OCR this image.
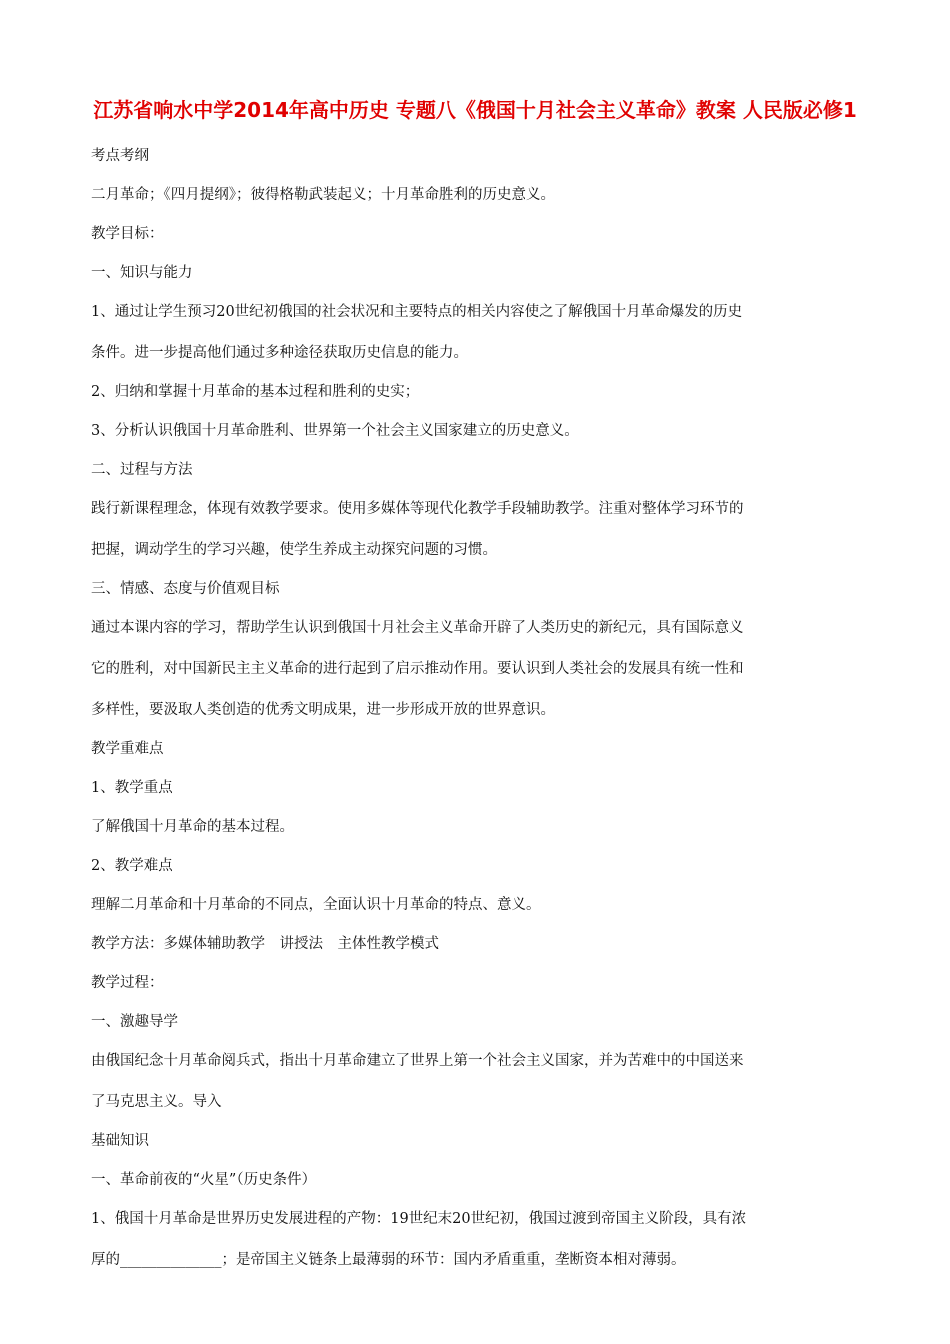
江苏省响水中学2014年高中历史 专题八《俄国十月社会主义革命》教案 人民版必修1
考点考纲
二月革命；《四月提纲》；彼得格勒武装起义；十月革命胜利的历史意义。
教学目标：
一、知识与能力
1、通过让学生预习20世纪初俄国的社会状况和主要特点的相关内容使之了解俄国十月革命爆发的历史
条件。进一步提高他们通过多种途径获取历史信息的能力。
2、归纳和掌握十月革命的基本过程和胜利的史实；
3、分析认识俄国十月革命胜利、世界第一个社会主义国家建立的历史意义。
二、过程与方法
践行新课程理念，体现有效教学要求。使用多媒体等现代化教学手段辅助教学。注重对整体学习环节的
把握，调动学生的学习兴趣，使学生养成主动探究问题的习惯。
三、情感、态度与价值观目标
通过本课内容的学习，帮助学生认识到俄国十月社会主义革命开辟了人类历史的新纪元，具有国际意义
它的胜利，对中国新民主主义革命的进行起到了启示推动作用。要认识到人类社会的发展具有统一性和
多样性，要汲取人类创造的优秀文明成果，进一步形成开放的世界意识。
教学重难点
1、教学重点
了解俄国十月革命的基本过程。
2、教学难点
理解二月革命和十月革命的不同点，全面认识十月革命的特点、意义。
教学方法：多媒体辅助教学　讲授法　主体性教学模式
教学过程：
一、激趣导学
由俄国纪念十月革命阅兵式，指出十月革命建立了世界上第一个社会主义国家，并为苦难中的中国送来
了马克思主义。导入
基础知识
一、革命前夜的“火星”（历史条件）
1、俄国十月革命是世界历史发展进程的产物：19世纪末20世纪初，俄国过渡到帝国主义阶段，具有浓
厚的______________；是帝国主义链条上最薄弱的环节：国内矛盾重重，垄断资本相对薄弱。
